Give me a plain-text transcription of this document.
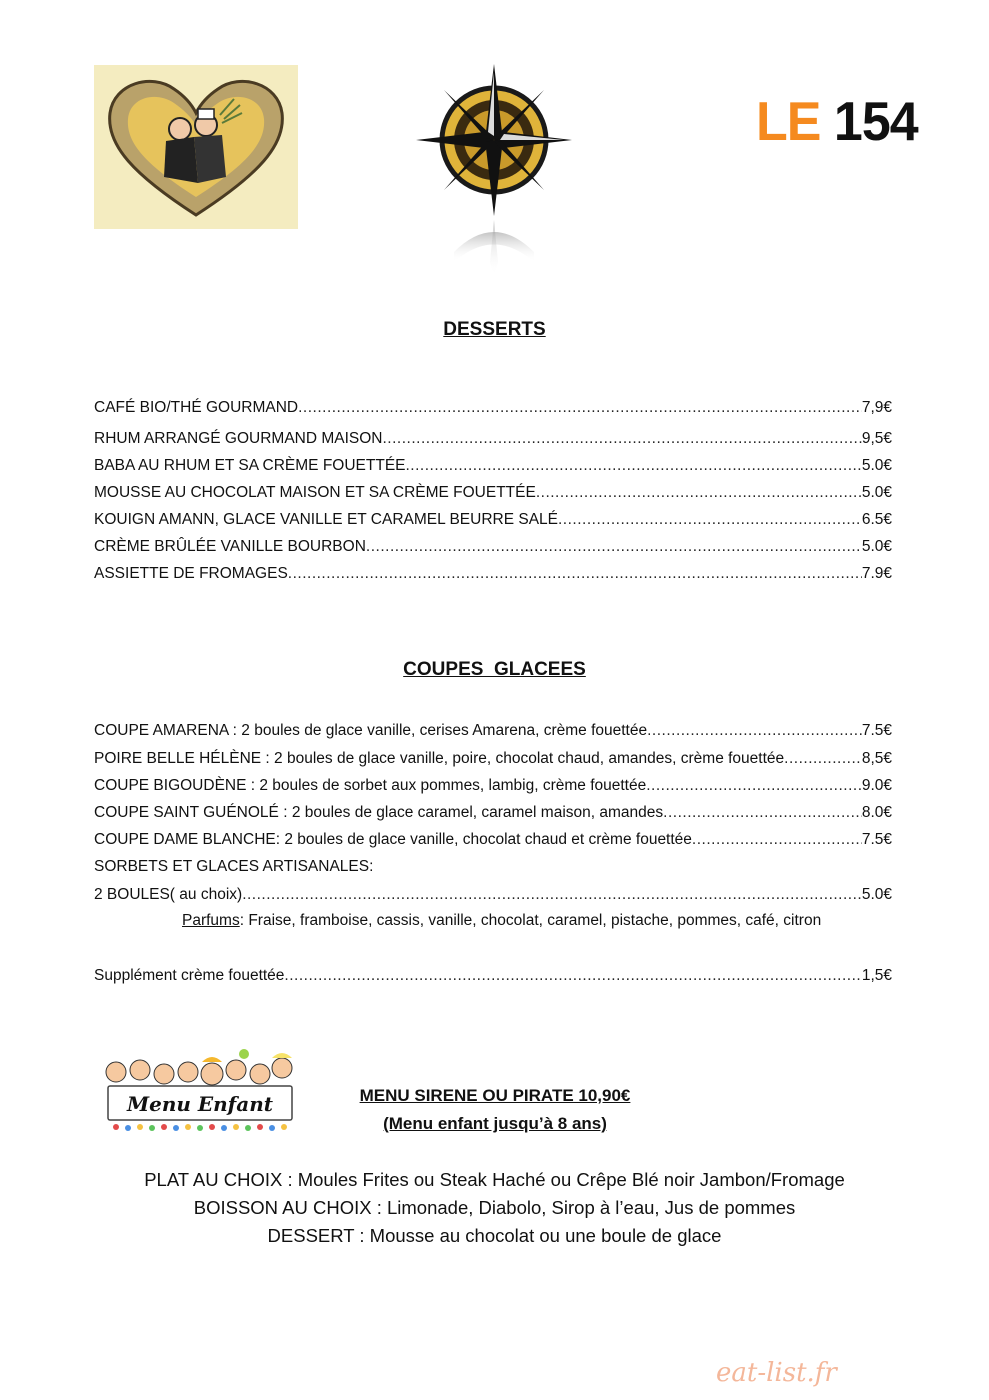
LE 154
DESSERTS
CAFÉ BIO/THÉ GOURMAND .....	7,9€
RHUM ARRANGÉ GOURMAND MAISON .....	9,5€
BABA AU RHUM ET SA CRÈME FOUETTÉE .....	5.0€
MOUSSE AU CHOCOLAT MAISON ET SA CRÈME FOUETTÉE .....	5.0€
KOUIGN AMANN, GLACE VANILLE ET CARAMEL BEURRE SALÉ .....	6.5€
CRÈME BRÛLÉE VANILLE BOURBON .....	5.0€
ASSIETTE DE FROMAGES .....	7.9€
COUPES  GLACEES
COUPE AMARENA : 2 boules de glace vanille, cerises Amarena, crème fouettée .....	7.5€
POIRE BELLE HÉLÈNE : 2 boules de glace vanille, poire, chocolat chaud, amandes, crème fouettée .....	8,5€
COUPE BIGOUDÈNE : 2 boules de sorbet aux pommes, lambig, crème fouettée .....	9.0€
COUPE SAINT GUÉNOLÉ : 2 boules de glace caramel, caramel maison, amandes .....	8.0€
COUPE DAME BLANCHE: 2 boules de glace vanille, chocolat chaud et crème fouettée .....	7.5€
SORBETS ET GLACES ARTISANALES:
2 BOULES( au choix) .....	5.0€
Parfums: Fraise, framboise, cassis, vanille, chocolat, caramel, pistache, pommes, café, citron
Supplément crème fouettée .....	1,5€
Menu Enfant	MENU SIRENE OU PIRATE 10,90€
(Menu enfant jusqu’à 8 ans)
PLAT AU CHOIX : Moules Frites ou Steak Haché ou Crêpe Blé noir Jambon/Fromage
BOISSON AU CHOIX : Limonade, Diabolo, Sirop à l’eau, Jus de pommes
DESSERT : Mousse au chocolat ou une boule de glace
eat-list.fr
